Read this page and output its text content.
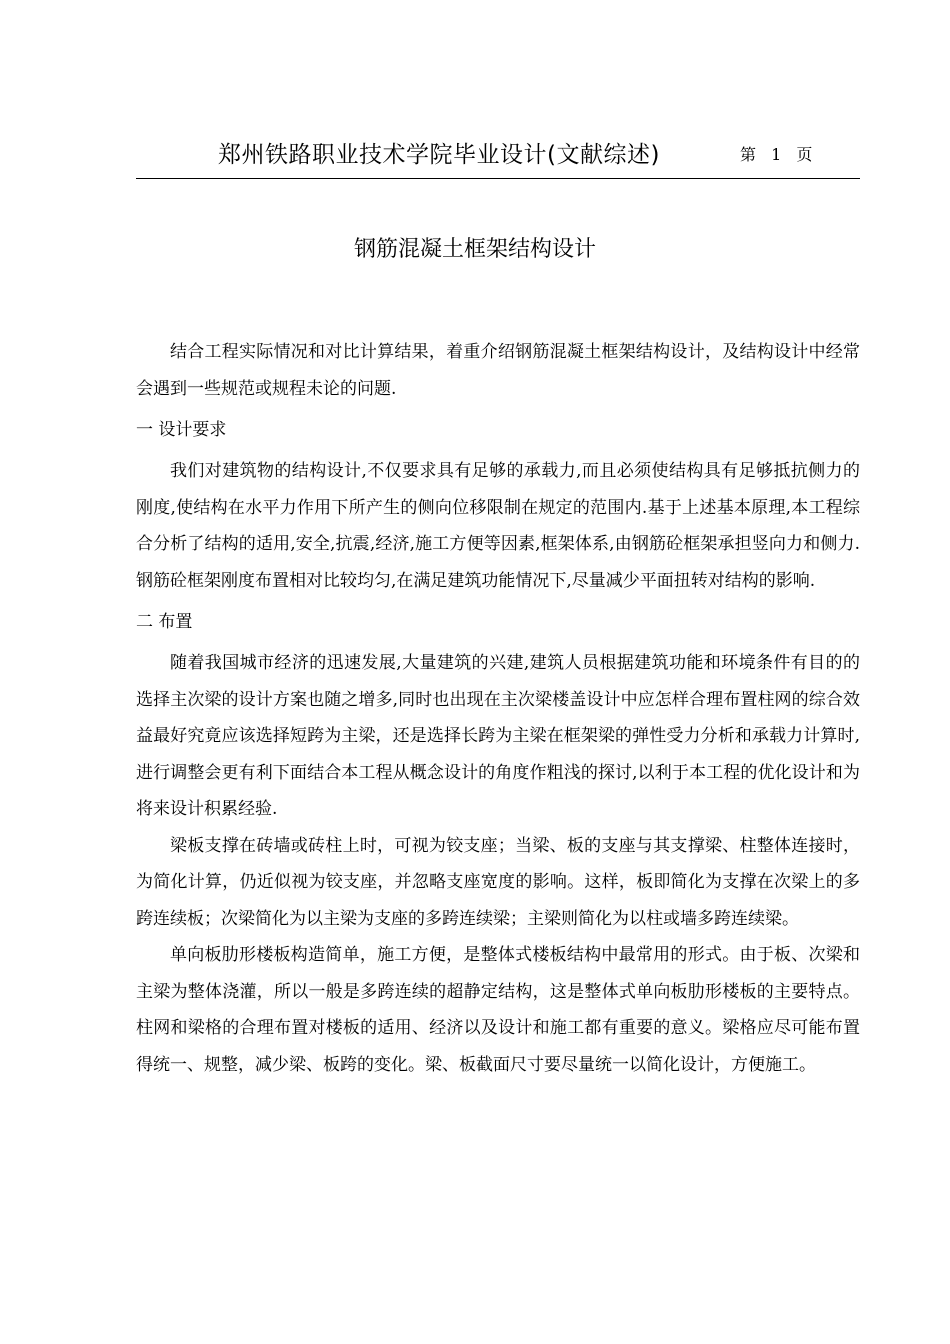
郑州铁路职业技术学院毕业设计(文献综述)	第 1 页
钢筋混凝土框架结构设计

结合工程实际情况和对比计算结果，着重介绍钢筋混凝土框架结构设计，及结构设计中经常会遇到一些规范或规程未论的问题.

一 设计要求

我们对建筑物的结构设计,不仅要求具有足够的承载力,而且必须使结构具有足够抵抗侧力的刚度,使结构在水平力作用下所产生的侧向位移限制在规定的范围内.基于上述基本原理,本工程综合分析了结构的适用,安全,抗震,经济,施工方便等因素,框架体系,由钢筋砼框架承担竖向力和侧力.钢筋砼框架刚度布置相对比较均匀,在满足建筑功能情况下,尽量减少平面扭转对结构的影响.

二 布置

随着我国城市经济的迅速发展,大量建筑的兴建,建筑人员根据建筑功能和环境条件有目的的选择主次梁的设计方案也随之增多,同时也出现在主次梁楼盖设计中应怎样合理布置柱网的综合效益最好究竟应该选择短跨为主梁，还是选择长跨为主梁在框架梁的弹性受力分析和承载力计算时,进行调整会更有利下面结合本工程从概念设计的角度作粗浅的探讨,以利于本工程的优化设计和为将来设计积累经验.

梁板支撑在砖墙或砖柱上时，可视为铰支座；当梁、板的支座与其支撑梁、柱整体连接时，为简化计算，仍近似视为铰支座，并忽略支座宽度的影响。这样，板即简化为支撑在次梁上的多跨连续板；次梁简化为以主梁为支座的多跨连续梁；主梁则简化为以柱或墙多跨连续梁。

单向板肋形楼板构造简单，施工方便，是整体式楼板结构中最常用的形式。由于板、次梁和主梁为整体浇灌，所以一般是多跨连续的超静定结构，这是整体式单向板肋形楼板的主要特点。柱网和梁格的合理布置对楼板的适用、经济以及设计和施工都有重要的意义。梁格应尽可能布置得统一、规整，减少梁、板跨的变化。梁、板截面尺寸要尽量统一以简化设计，方便施工。
